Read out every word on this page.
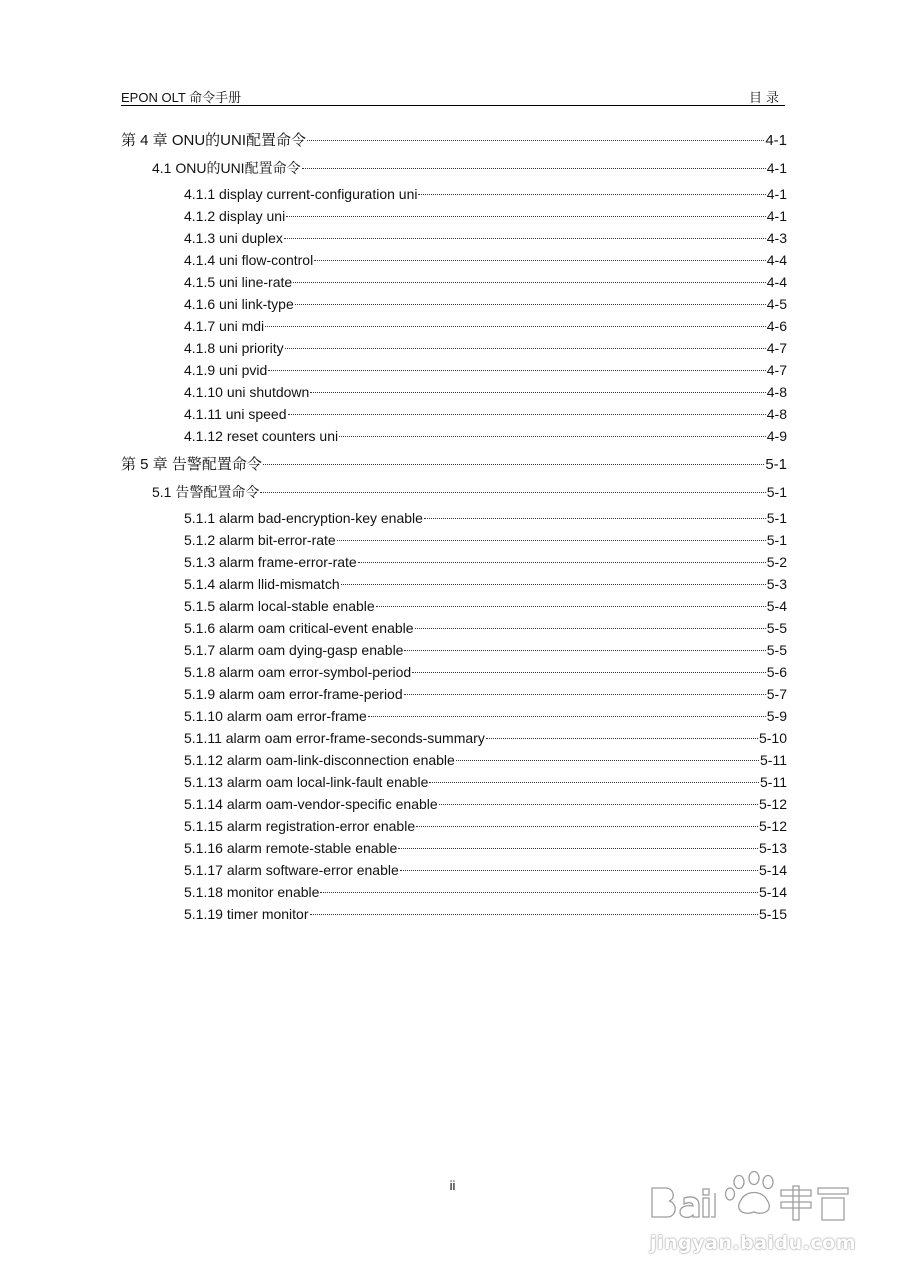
EPON OLT 命令手册	目录
第 4 章 ONU的UNI配置命令	4-1
4.1 ONU的UNI配置命令	4-1
4.1.1 display current-configuration uni	4-1
4.1.2 display uni	4-1
4.1.3 uni duplex	4-3
4.1.4 uni flow-control	4-4
4.1.5 uni line-rate	4-4
4.1.6 uni link-type	4-5
4.1.7 uni mdi	4-6
4.1.8 uni priority	4-7
4.1.9 uni pvid	4-7
4.1.10 uni shutdown	4-8
4.1.11 uni speed	4-8
4.1.12 reset counters uni	4-9
第 5 章 告警配置命令	5-1
5.1 告警配置命令	5-1
5.1.1 alarm bad-encryption-key enable	5-1
5.1.2 alarm bit-error-rate	5-1
5.1.3 alarm frame-error-rate	5-2
5.1.4 alarm llid-mismatch	5-3
5.1.5 alarm local-stable enable	5-4
5.1.6 alarm oam critical-event enable	5-5
5.1.7 alarm oam dying-gasp enable	5-5
5.1.8 alarm oam error-symbol-period	5-6
5.1.9 alarm oam error-frame-period	5-7
5.1.10 alarm oam error-frame	5-9
5.1.11 alarm oam error-frame-seconds-summary	5-10
5.1.12 alarm oam-link-disconnection enable	5-11
5.1.13 alarm oam local-link-fault enable	5-11
5.1.14 alarm oam-vendor-specific enable	5-12
5.1.15 alarm registration-error enable	5-12
5.1.16 alarm remote-stable enable	5-13
5.1.17 alarm software-error enable	5-14
5.1.18 monitor enable	5-14
5.1.19 timer monitor	5-15
ii
jingyan.baidu.com
